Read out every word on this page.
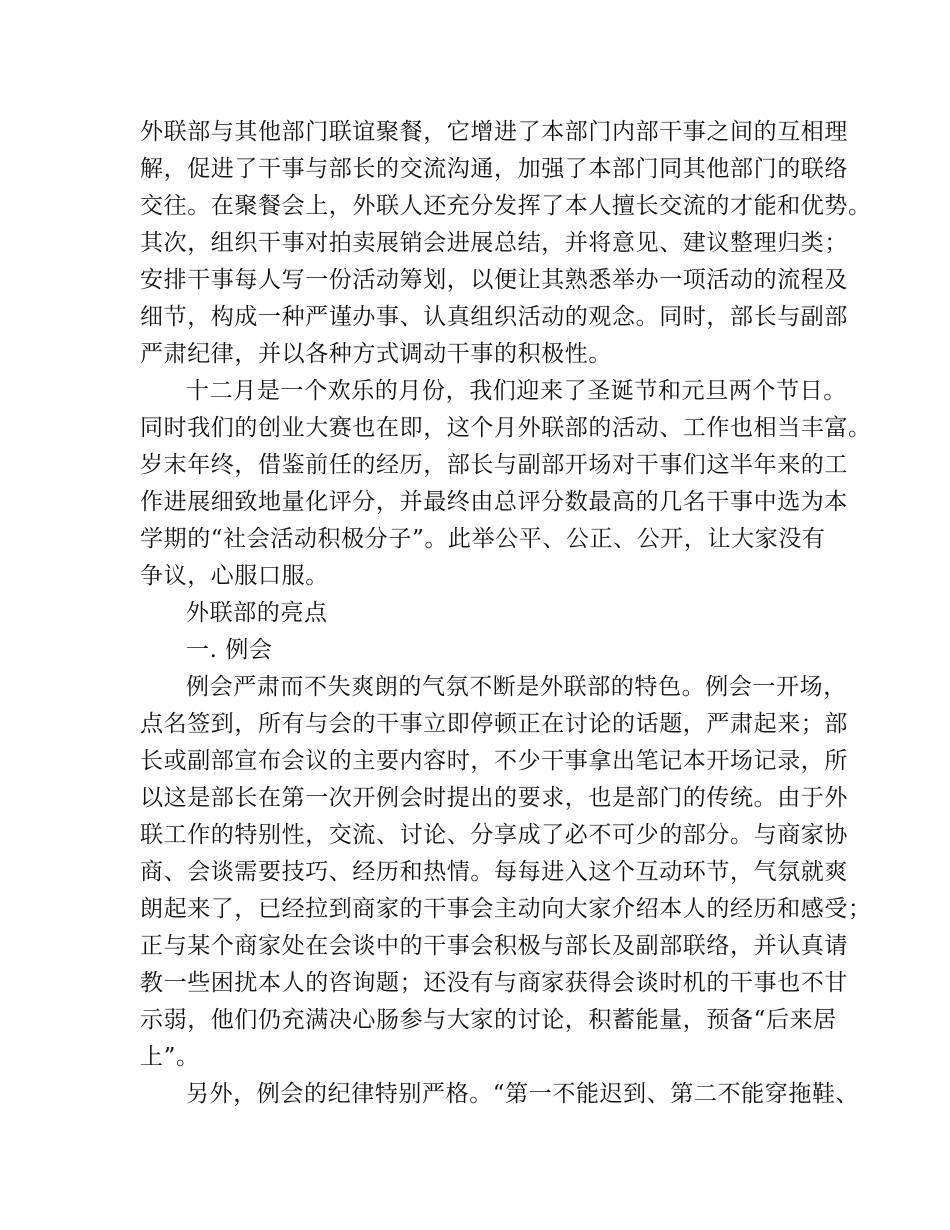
外联部与其他部门联谊聚餐，它增进了本部门内部干事之间的互相理
解，促进了干事与部长的交流沟通，加强了本部门同其他部门的联络
交往。在聚餐会上，外联人还充分发挥了本人擅长交流的才能和优势。
其次，组织干事对拍卖展销会进展总结，并将意见、建议整理归类；
安排干事每人写一份活动筹划，以便让其熟悉举办一项活动的流程及
细节，构成一种严谨办事、认真组织活动的观念。同时，部长与副部
严肃纪律，并以各种方式调动干事的积极性。
十二月是一个欢乐的月份，我们迎来了圣诞节和元旦两个节日。
同时我们的创业大赛也在即，这个月外联部的活动、工作也相当丰富。
岁末年终，借鉴前任的经历，部长与副部开场对干事们这半年来的工
作进展细致地量化评分，并最终由总评分数最高的几名干事中选为本
学期的“社会活动积极分子”。此举公平、公正、公开，让大家没有
争议，心服口服。
外联部的亮点
一. 例会
例会严肃而不失爽朗的气氛不断是外联部的特色。例会一开场，
点名签到，所有与会的干事立即停顿正在讨论的话题，严肃起来；部
长或副部宣布会议的主要内容时，不少干事拿出笔记本开场记录，所
以这是部长在第一次开例会时提出的要求，也是部门的传统。由于外
联工作的特别性，交流、讨论、分享成了必不可少的部分。与商家协
商、会谈需要技巧、经历和热情。每每进入这个互动环节，气氛就爽
朗起来了，已经拉到商家的干事会主动向大家介绍本人的经历和感受；
正与某个商家处在会谈中的干事会积极与部长及副部联络，并认真请
教一些困扰本人的咨询题；还没有与商家获得会谈时机的干事也不甘
示弱，他们仍充满决心肠参与大家的讨论，积蓄能量，预备“后来居
上”。
另外，例会的纪律特别严格。“第一不能迟到、第二不能穿拖鞋、
